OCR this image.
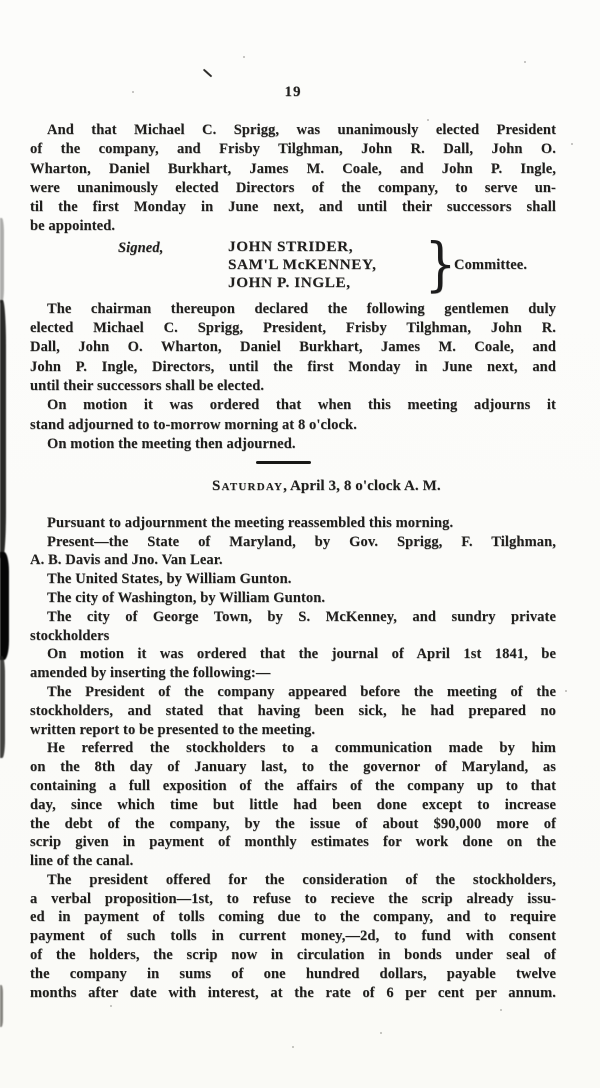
19
And that Michael C. Sprigg, was unanimously elected President
of the company, and Frisby Tilghman, John R. Dall, John O.
Wharton, Daniel Burkhart, James M. Coale, and John P. Ingle,
were unanimously elected Directors of the company, to serve un-
til the first Monday in June next, and until their successors shall
be appointed.
Signed,	JOHN STRIDER,
SAM'L McKENNEY,
JOHN P. INGLE,	}
Committee.
The chairman thereupon declared the following gentlemen duly
elected Michael C. Sprigg, President, Frisby Tilghman, John R.
Dall, John O. Wharton, Daniel Burkhart, James M. Coale, and
John P. Ingle, Directors, until the first Monday in June next, and
until their successors shall be elected.
On motion it was ordered that when this meeting adjourns it
stand adjourned to to-morrow morning at 8 o'clock.
On motion the meeting then adjourned.
Saturday, April 3, 8 o'clock A. M.
Pursuant to adjournment the meeting reassembled this morning.
Present—the State of Maryland, by Gov. Sprigg, F. Tilghman,
A. B. Davis and Jno. Van Lear.
The United States, by William Gunton.
The city of Washington, by William Gunton.
The city of George Town, by S. McKenney, and sundry private
stockholders
On motion it was ordered that the journal of April 1st 1841, be
amended by inserting the following:—
The President of the company appeared before the meeting of the
stockholders, and stated that having been sick, he had prepared no
written report to be presented to the meeting.
He referred the stockholders to a communication made by him
on the 8th day of January last, to the governor of Maryland, as
containing a full exposition of the affairs of the company up to that
day, since which time but little had been done except to increase
the debt of the company, by the issue of about $90,000 more of
scrip given in payment of monthly estimates for work done on the
line of the canal.
The president offered for the consideration of the stockholders,
a verbal proposition—1st, to refuse to recieve the scrip already issu-
ed in payment of tolls coming due to the company, and to require
payment of such tolls in current money,—2d, to fund with consent
of the holders, the scrip now in circulation in bonds under seal of
the company in sums of one hundred dollars, payable twelve
months after date with interest, at the rate of 6 per cent per annum.
